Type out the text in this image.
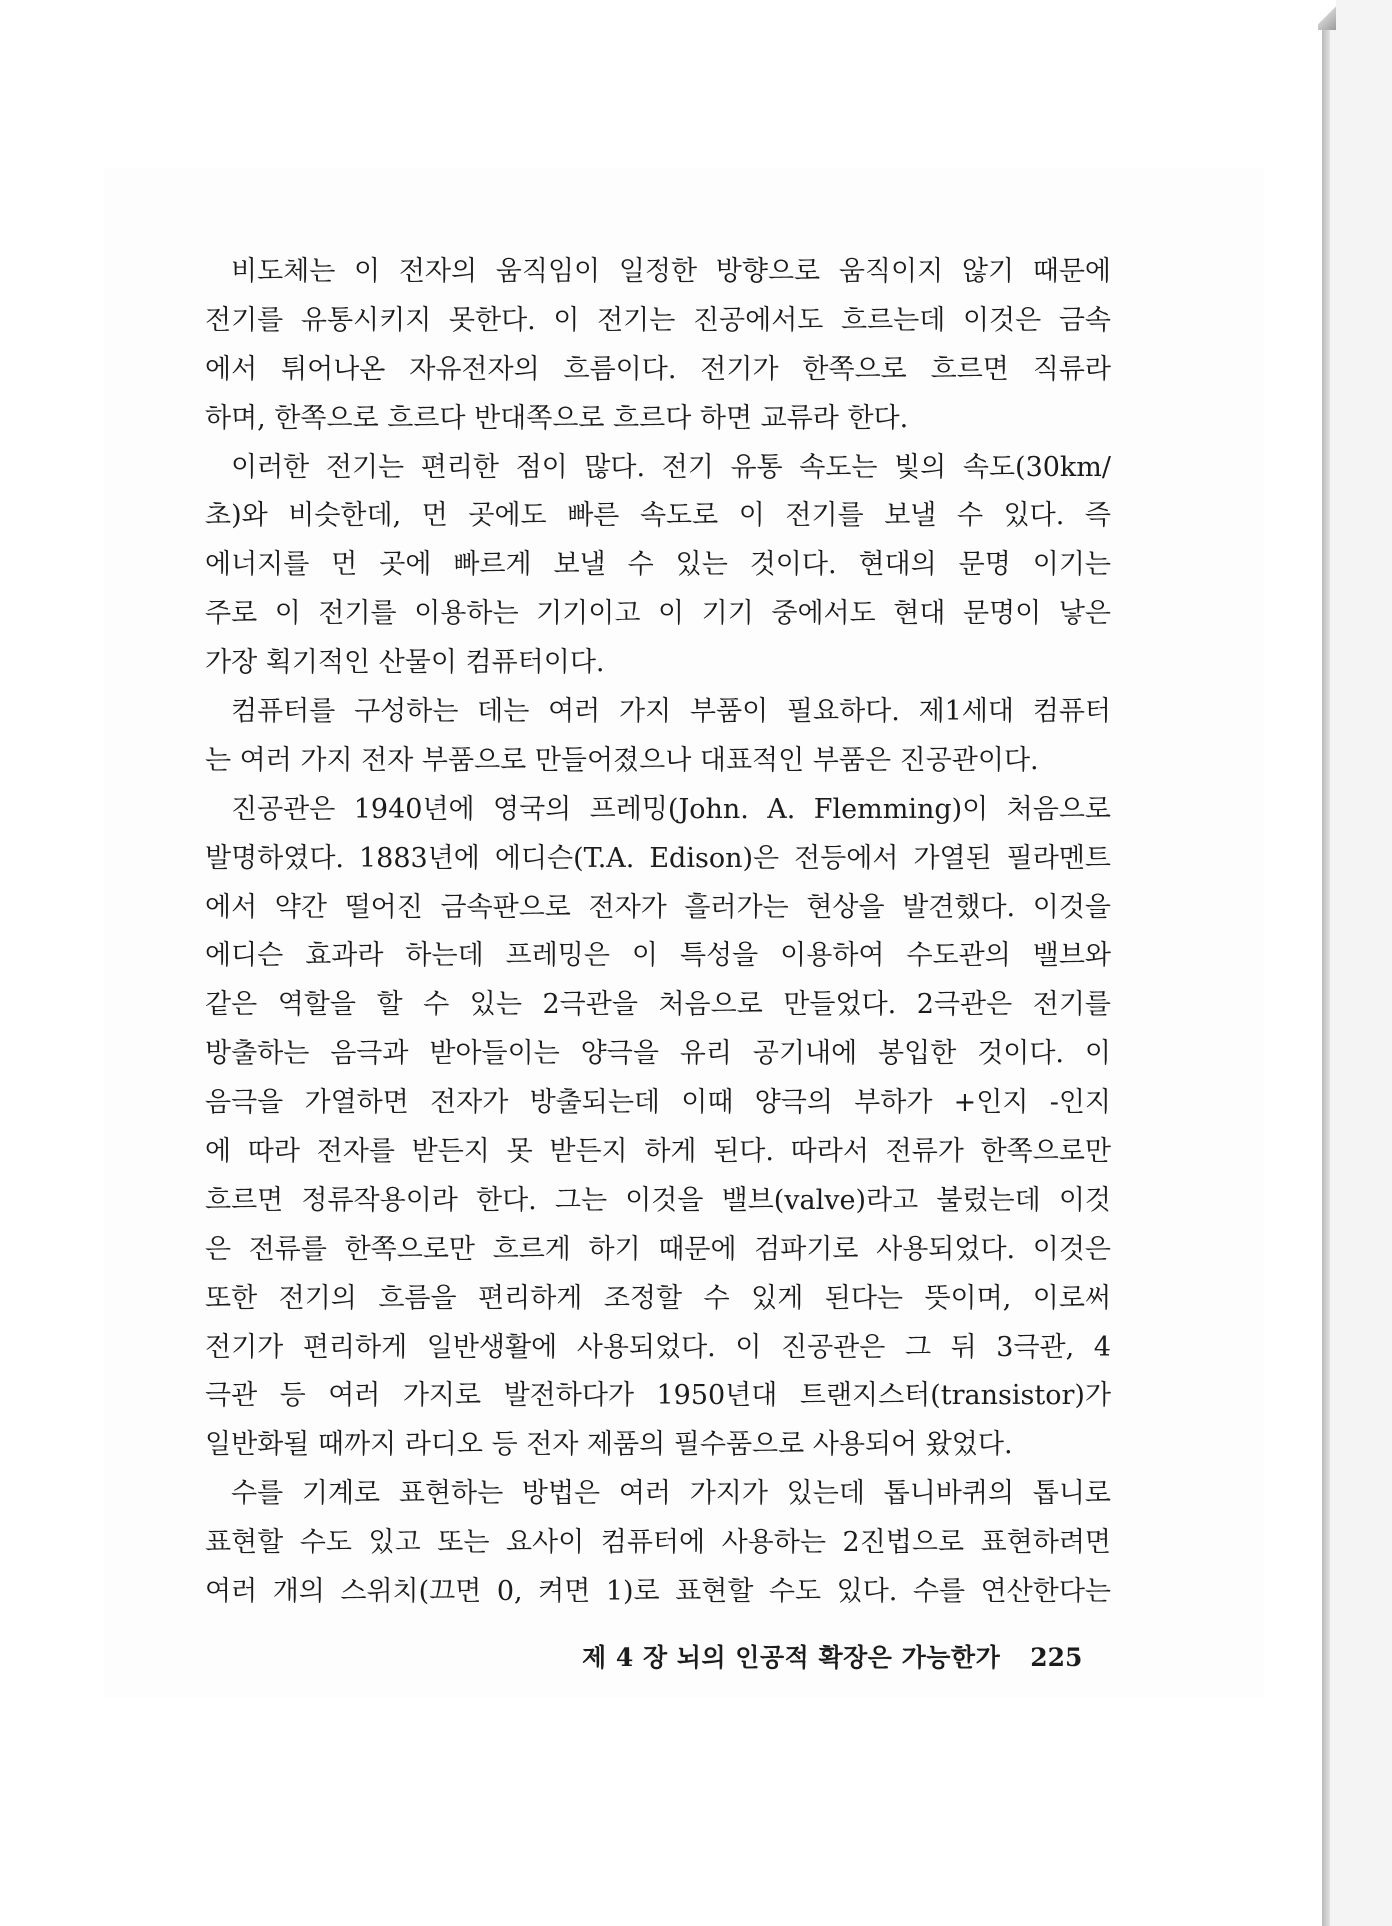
비도체는 이 전자의 움직임이 일정한 방향으로 움직이지 않기 때문에
전기를 유통시키지 못한다. 이 전기는 진공에서도 흐르는데 이것은 금속
에서 튀어나온 자유전자의 흐름이다. 전기가 한쪽으로 흐르면 직류라
하며, 한쪽으로 흐르다 반대쪽으로 흐르다 하면 교류라 한다.
이러한 전기는 편리한 점이 많다. 전기 유통 속도는 빛의 속도(30km/
초)와 비슷한데, 먼 곳에도 빠른 속도로 이 전기를 보낼 수 있다. 즉
에너지를 먼 곳에 빠르게 보낼 수 있는 것이다. 현대의 문명 이기는
주로 이 전기를 이용하는 기기이고 이 기기 중에서도 현대 문명이 낳은
가장 획기적인 산물이 컴퓨터이다.
컴퓨터를 구성하는 데는 여러 가지 부품이 필요하다. 제1세대 컴퓨터
는 여러 가지 전자 부품으로 만들어졌으나 대표적인 부품은 진공관이다.
진공관은 1940년에 영국의 프레밍(John. A. Flemming)이 처음으로
발명하였다. 1883년에 에디슨(T.A. Edison)은 전등에서 가열된 필라멘트
에서 약간 떨어진 금속판으로 전자가 흘러가는 현상을 발견했다. 이것을
에디슨 효과라 하는데 프레밍은 이 특성을 이용하여 수도관의 밸브와
같은 역할을 할 수 있는 2극관을 처음으로 만들었다. 2극관은 전기를
방출하는 음극과 받아들이는 양극을 유리 공기내에 봉입한 것이다. 이
음극을 가열하면 전자가 방출되는데 이때 양극의 부하가 +인지 -인지
에 따라 전자를 받든지 못 받든지 하게 된다. 따라서 전류가 한쪽으로만
흐르면 정류작용이라 한다. 그는 이것을 밸브(valve)라고 불렀는데 이것
은 전류를 한쪽으로만 흐르게 하기 때문에 검파기로 사용되었다. 이것은
또한 전기의 흐름을 편리하게 조정할 수 있게 된다는 뜻이며, 이로써
전기가 편리하게 일반생활에 사용되었다. 이 진공관은 그 뒤 3극관, 4
극관 등 여러 가지로 발전하다가 1950년대 트랜지스터(transistor)가
일반화될 때까지 라디오 등 전자 제품의 필수품으로 사용되어 왔었다.
수를 기계로 표현하는 방법은 여러 가지가 있는데 톱니바퀴의 톱니로
표현할 수도 있고 또는 요사이 컴퓨터에 사용하는 2진법으로 표현하려면
여러 개의 스위치(끄면 0, 켜면 1)로 표현할 수도 있다. 수를 연산한다는
제 4 장 뇌의 인공적 확장은 가능한가 225
